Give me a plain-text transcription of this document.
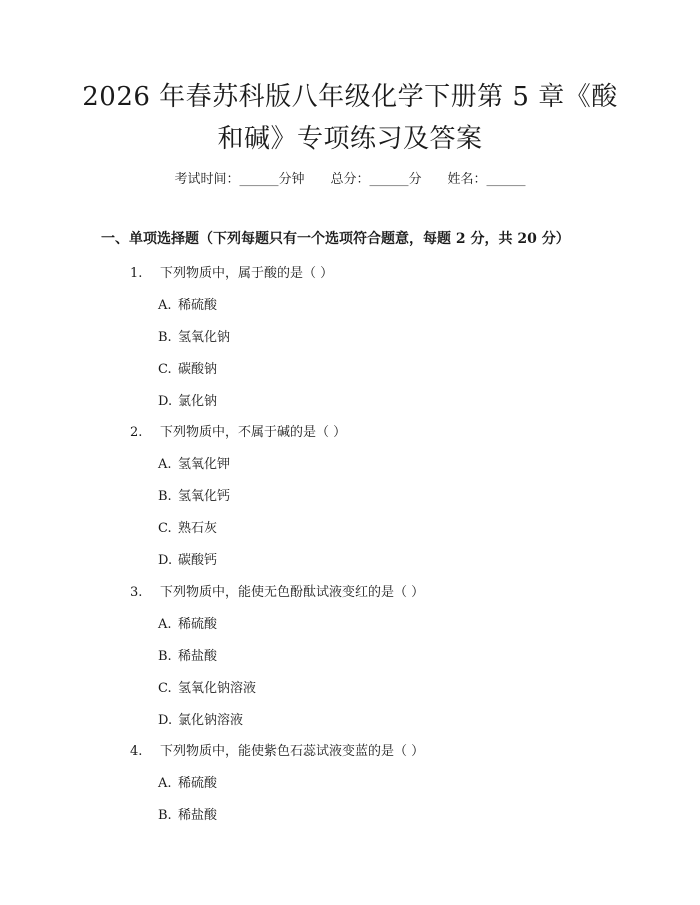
2026 年春苏科版八年级化学下册第 5 章《酸
和碱》专项练习及答案
考试时间：______分钟 总分：______分 姓名：______
一、单项选择题（下列每题只有一个选项符合题意，每题 2 分，共 20 分）
1. 下列物质中，属于酸的是（ ）
A. 稀硫酸
B. 氢氧化钠
C. 碳酸钠
D. 氯化钠
2. 下列物质中，不属于碱的是（ ）
A. 氢氧化钾
B. 氢氧化钙
C. 熟石灰
D. 碳酸钙
3. 下列物质中，能使无色酚酞试液变红的是（ ）
A. 稀硫酸
B. 稀盐酸
C. 氢氧化钠溶液
D. 氯化钠溶液
4. 下列物质中，能使紫色石蕊试液变蓝的是（ ）
A. 稀硫酸
B. 稀盐酸
